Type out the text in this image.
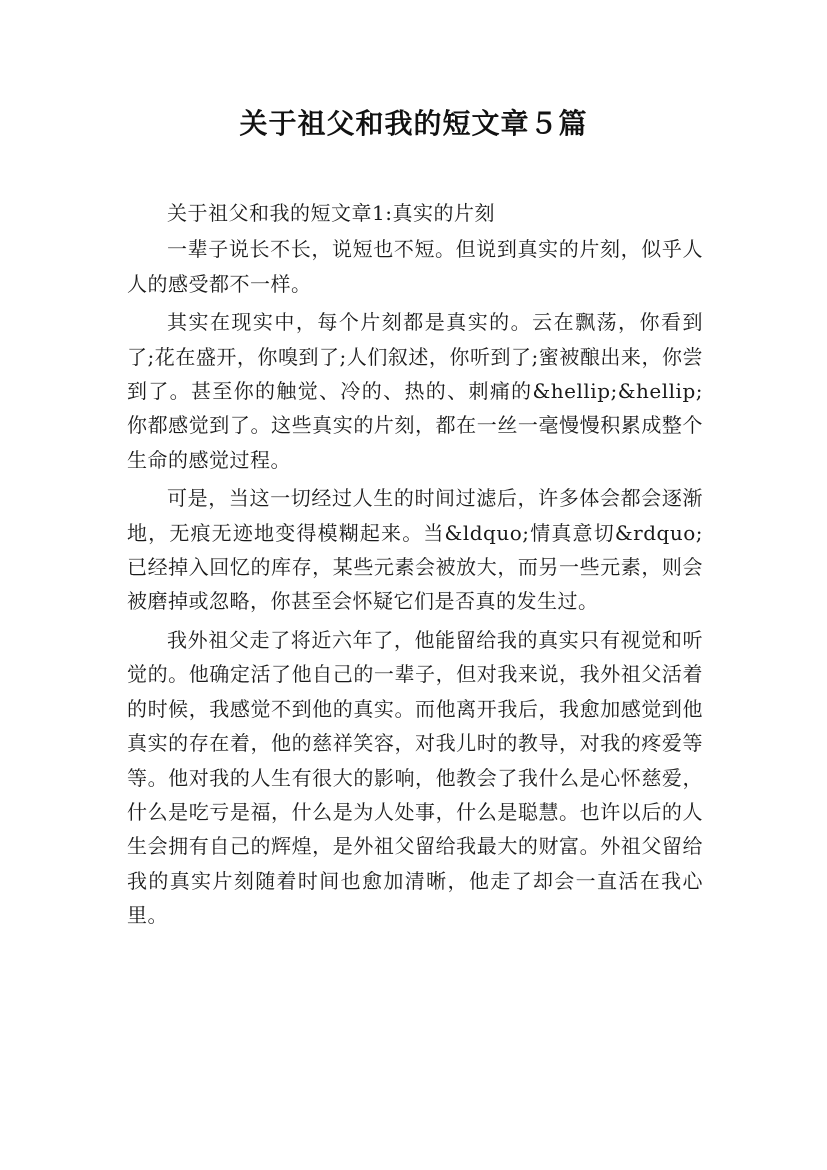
关于祖父和我的短文章５篇

关于祖父和我的短文章1:真实的片刻

一辈子说长不长，说短也不短。但说到真实的片刻，似乎人人的感受都不一样。

其实在现实中，每个片刻都是真实的。云在飘荡，你看到了;花在盛开，你嗅到了;人们叙述，你听到了;蜜被酿出来，你尝到了。甚至你的触觉、冷的、热的、刺痛的&hellip;&hellip;你都感觉到了。这些真实的片刻，都在一丝一毫慢慢积累成整个生命的感觉过程。

可是，当这一切经过人生的时间过滤后，许多体会都会逐渐地，无痕无迹地变得模糊起来。当&ldquo;情真意切&rdquo;已经掉入回忆的库存，某些元素会被放大，而另一些元素，则会被磨掉或忽略，你甚至会怀疑它们是否真的发生过。

我外祖父走了将近六年了，他能留给我的真实只有视觉和听觉的。他确定活了他自己的一辈子，但对我来说，我外祖父活着的时候，我感觉不到他的真实。而他离开我后，我愈加感觉到他真实的存在着，他的慈祥笑容，对我儿时的教导，对我的疼爱等等。他对我的人生有很大的影响，他教会了我什么是心怀慈爱，什么是吃亏是福，什么是为人处事，什么是聪慧。也许以后的人生会拥有自己的辉煌，是外祖父留给我最大的财富。外祖父留给我的真实片刻随着时间也愈加清晰，他走了却会一直活在我心里。
